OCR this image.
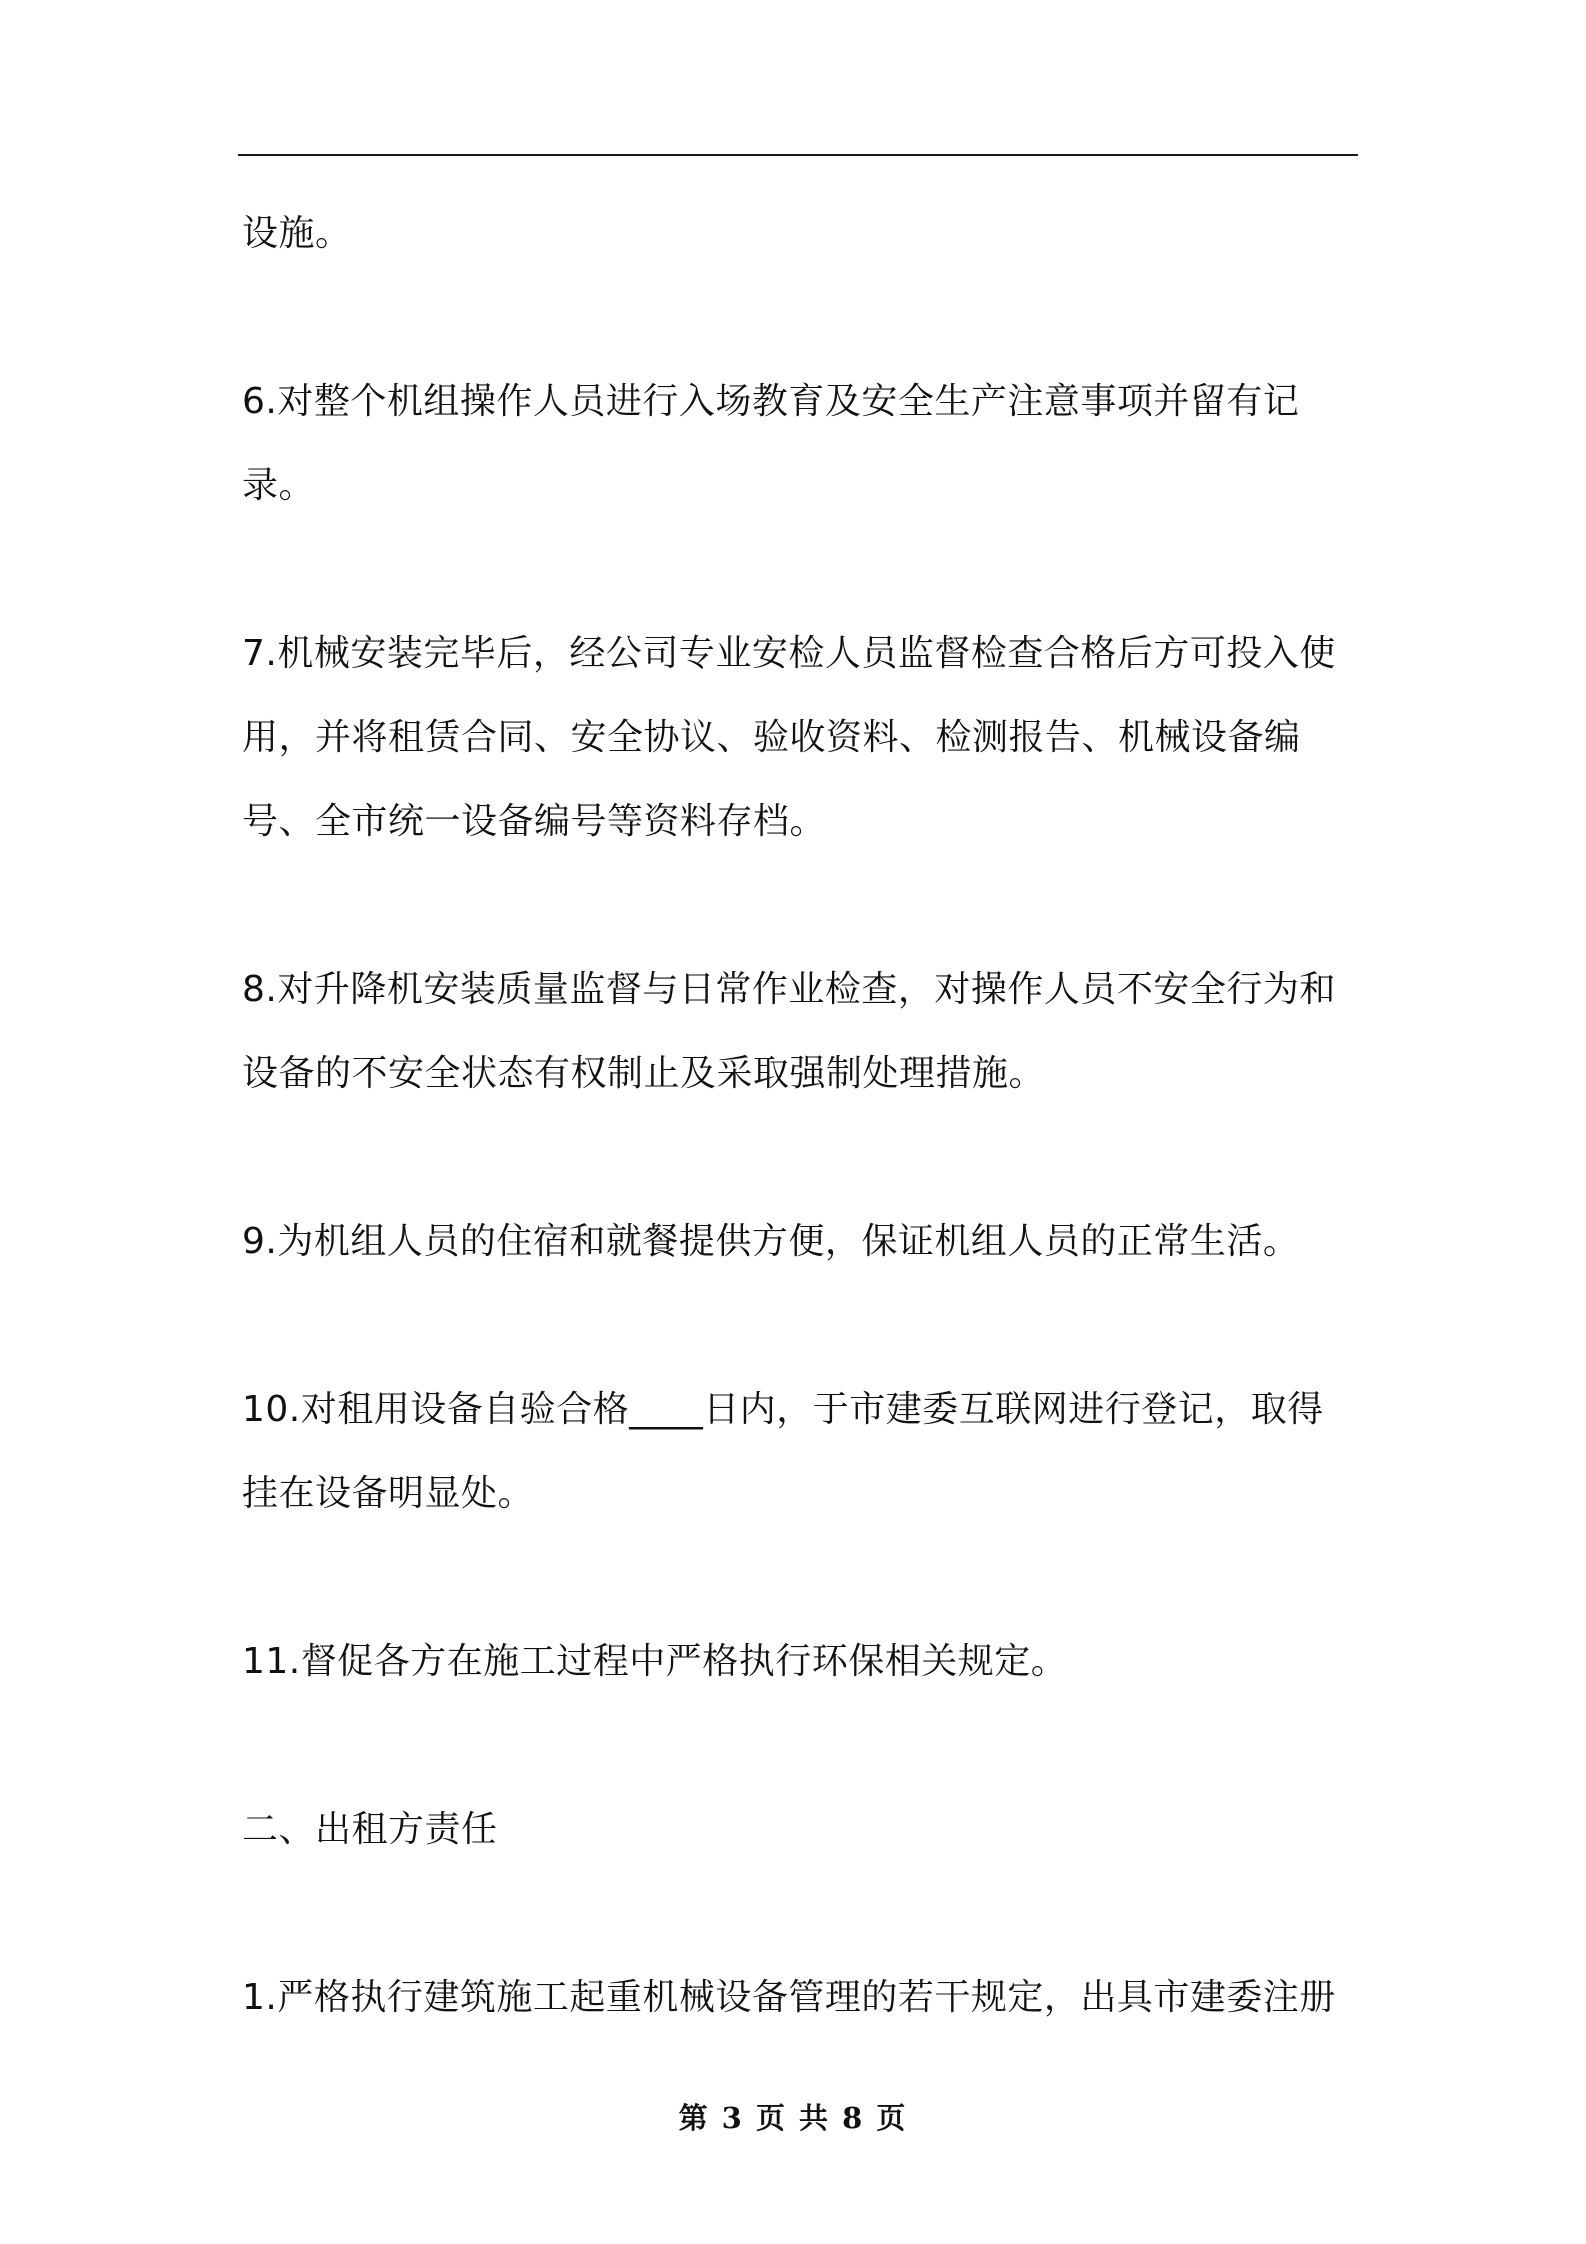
设施。

6.对整个机组操作人员进行入场教育及安全生产注意事项并留有记录。

7.机械安装完毕后，经公司专业安检人员监督检查合格后方可投入使用，并将租赁合同、安全协议、验收资料、检测报告、机械设备编号、全市统一设备编号等资料存档。

8.对升降机安装质量监督与日常作业检查，对操作人员不安全行为和设备的不安全状态有权制止及采取强制处理措施。

9.为机组人员的住宿和就餐提供方便，保证机组人员的正常生活。

10.对租用设备自验合格____日内，于市建委互联网进行登记，取得挂在设备明显处。

11.督促各方在施工过程中严格执行环保相关规定。

二、出租方责任

1.严格执行建筑施工起重机械设备管理的若干规定，出具市建委注册

第 3 页 共 8 页
